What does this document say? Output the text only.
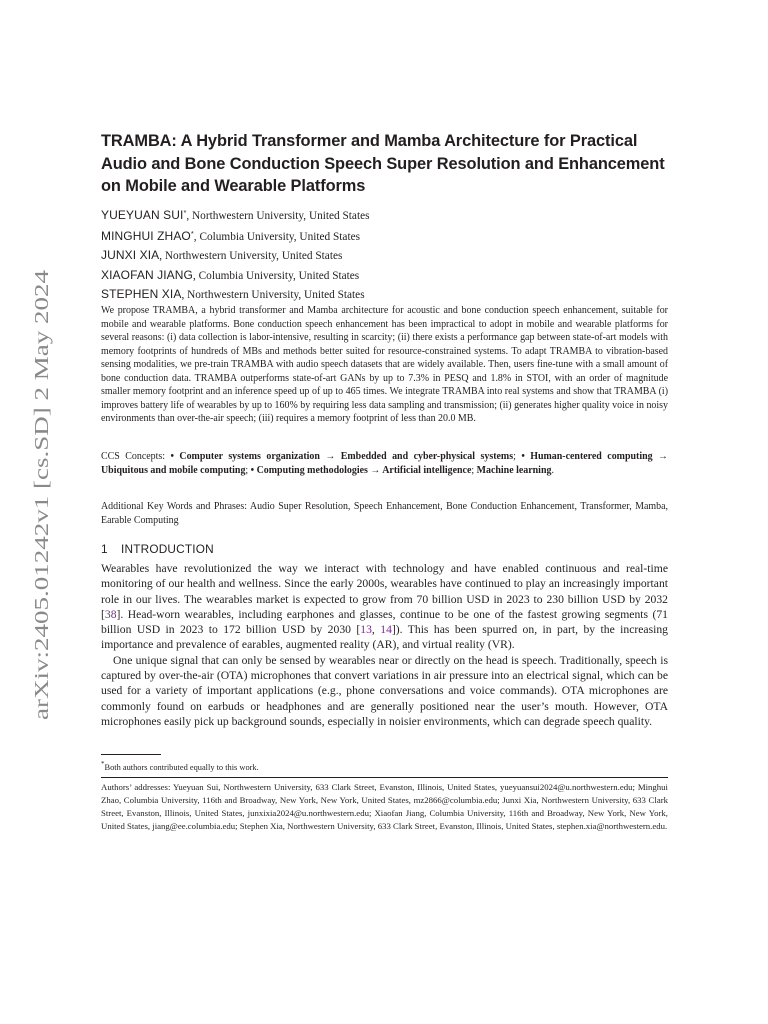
arXiv:2405.01242v1 [cs.SD] 2 May 2024
TRAMBA: A Hybrid Transformer and Mamba Architecture for Practical Audio and Bone Conduction Speech Super Resolution and Enhancement on Mobile and Wearable Platforms
YUEYUAN SUI*, Northwestern University, United States
MINGHUI ZHAO*, Columbia University, United States
JUNXI XIA, Northwestern University, United States
XIAOFAN JIANG, Columbia University, United States
STEPHEN XIA, Northwestern University, United States

We propose TRAMBA, a hybrid transformer and Mamba architecture for acoustic and bone conduction speech enhancement, suitable for mobile and wearable platforms. Bone conduction speech enhancement has been impractical to adopt in mobile and wearable platforms for several reasons: (i) data collection is labor-intensive, resulting in scarcity; (ii) there exists a performance gap between state-of-art models with memory footprints of hundreds of MBs and methods better suited for resource-constrained systems. To adapt TRAMBA to vibration-based sensing modalities, we pre-train TRAMBA with audio speech datasets that are widely available. Then, users fine-tune with a small amount of bone conduction data. TRAMBA outperforms state-of-art GANs by up to 7.3% in PESQ and 1.8% in STOI, with an order of magnitude smaller memory footprint and an inference speed up of up to 465 times. We integrate TRAMBA into real systems and show that TRAMBA (i) improves battery life of wearables by up to 160% by requiring less data sampling and transmission; (ii) generates higher quality voice in noisy environments than over-the-air speech; (iii) requires a memory footprint of less than 20.0 MB.

CCS Concepts: • Computer systems organization → Embedded and cyber-physical systems; • Human-centered computing → Ubiquitous and mobile computing; • Computing methodologies → Artificial intelligence; Machine learning.

Additional Key Words and Phrases: Audio Super Resolution, Speech Enhancement, Bone Conduction Enhancement, Transformer, Mamba, Earable Computing

1 INTRODUCTION

Wearables have revolutionized the way we interact with technology and have enabled continuous and real-time monitoring of our health and wellness. Since the early 2000s, wearables have continued to play an increasingly important role in our lives. The wearables market is expected to grow from 70 billion USD in 2023 to 230 billion USD by 2032 [38]. Head-worn wearables, including earphones and glasses, continue to be one of the fastest growing segments (71 billion USD in 2023 to 172 billion USD by 2030 [13, 14]). This has been spurred on, in part, by the increasing importance and prevalence of earables, augmented reality (AR), and virtual reality (VR).

One unique signal that can only be sensed by wearables near or directly on the head is speech. Traditionally, speech is captured by over-the-air (OTA) microphones that convert variations in air pressure into an electrical signal, which can be used for a variety of important applications (e.g., phone conversations and voice commands). OTA microphones are commonly found on earbuds or headphones and are generally positioned near the user’s mouth. However, OTA microphones easily pick up background sounds, especially in noisier environments, which can degrade speech quality.

*Both authors contributed equally to this work.

Authors’ addresses: Yueyuan Sui, Northwestern University, 633 Clark Street, Evanston, Illinois, United States, yueyuansui2024@u.northwestern.edu; Minghui Zhao, Columbia University, 116th and Broadway, New York, New York, United States, mz2866@columbia.edu; Junxi Xia, Northwestern University, 633 Clark Street, Evanston, Illinois, United States, junxixia2024@u.northwestern.edu; Xiaofan Jiang, Columbia University, 116th and Broadway, New York, New York, United States, jiang@ee.columbia.edu; Stephen Xia, Northwestern University, 633 Clark Street, Evanston, Illinois, United States, stephen.xia@northwestern.edu.
